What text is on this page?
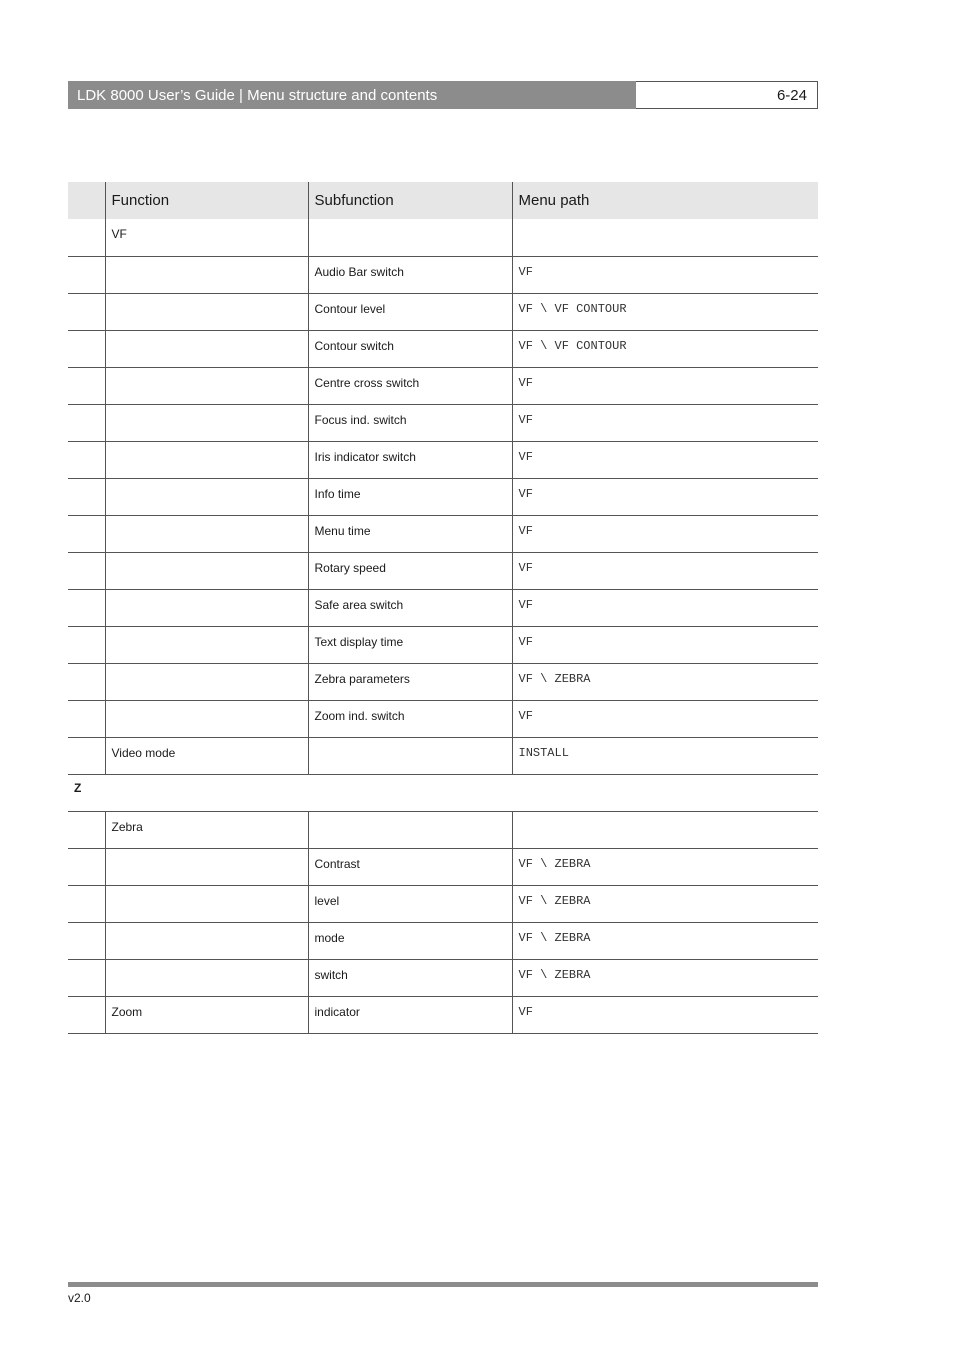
LDK 8000 User’s Guide | Menu structure and contents	6-24
	Function	Subfunction	Menu path
	VF		
		Audio Bar switch	VF
		Contour level	VF \ VF CONTOUR
		Contour switch	VF \ VF CONTOUR
		Centre cross switch	VF
		Focus ind. switch	VF
		Iris indicator switch	VF
		Info time	VF
		Menu time	VF
		Rotary speed	VF
		Safe area switch	VF
		Text display time	VF
		Zebra parameters	VF \ ZEBRA
		Zoom ind. switch	VF
	Video mode		INSTALL
Z			
	Zebra		
		Contrast	VF \ ZEBRA
		level	VF \ ZEBRA
		mode	VF \ ZEBRA
		switch	VF \ ZEBRA
	Zoom	indicator	VF
v2.0
